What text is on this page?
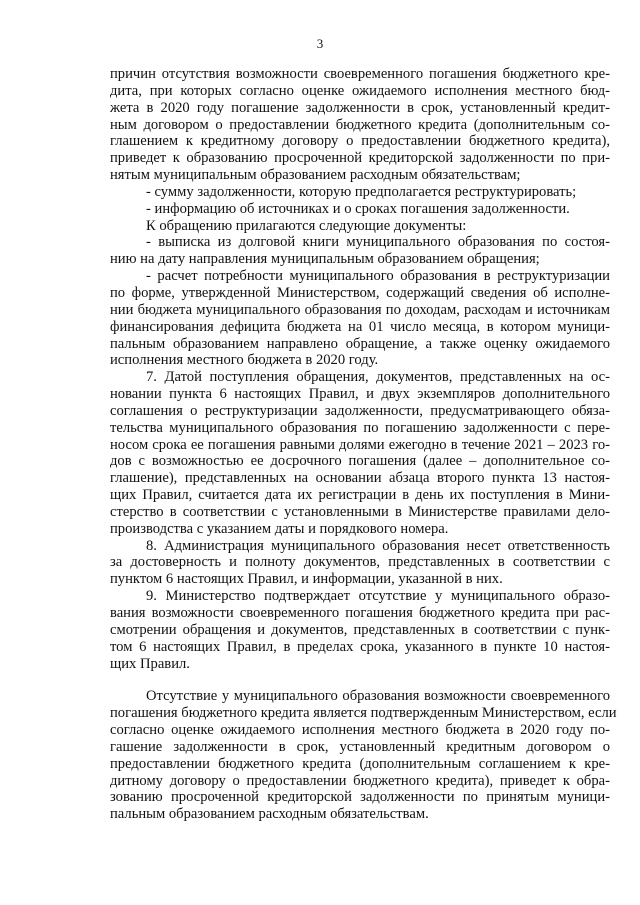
3
причин отсутствия возможности своевременного погашения бюджетного кре-
дита, при которых согласно оценке ожидаемого исполнения местного бюд-
жета в 2020 году погашение задолженности в срок, установленный кредит-
ным договором о предоставлении бюджетного кредита (дополнительным со-
глашением к кредитному договору о предоставлении бюджетного кредита),
приведет к образованию просроченной кредиторской задолженности по при-
нятым муниципальным образованием расходным обязательствам;
- сумму задолженности, которую предполагается реструктурировать;
- информацию об источниках и о сроках погашения задолженности.
К обращению прилагаются следующие документы:
- выписка из долговой книги муниципального образования по состоя-
нию на дату направления муниципальным образованием обращения;
- расчет потребности муниципального образования в реструктуризации
по форме, утвержденной Министерством, содержащий сведения об исполне-
нии бюджета муниципального образования по доходам, расходам и источникам
финансирования дефицита бюджета на 01 число месяца, в котором муници-
пальным образованием направлено обращение, а также оценку ожидаемого
исполнения местного бюджета в 2020 году.
7. Датой поступления обращения, документов, представленных на ос-
новании пункта 6 настоящих Правил, и двух экземпляров дополнительного
соглашения о реструктуризации задолженности, предусматривающего обяза-
тельства муниципального образования по погашению задолженности с пере-
носом срока ее погашения равными долями ежегодно в течение 2021 – 2023 го-
дов с возможностью ее досрочного погашения (далее – дополнительное со-
глашение), представленных на основании абзаца второго пункта 13 настоя-
щих Правил, считается дата их регистрации в день их поступления в Мини-
стерство в соответствии с установленными в Министерстве правилами дело-
производства с указанием даты и порядкового номера.
8. Администрация муниципального образования несет ответственность
за достоверность и полноту документов, представленных в соответствии с
пунктом 6 настоящих Правил, и информации, указанной в них.
9. Министерство подтверждает отсутствие у муниципального образо-
вания возможности своевременного погашения бюджетного кредита при рас-
смотрении обращения и документов, представленных в соответствии с пунк-
том 6 настоящих Правил, в пределах срока, указанного в пункте 10 настоя-
щих Правил.
Отсутствие у муниципального образования возможности своевременного
погашения бюджетного кредита является подтвержденным Министерством, если
согласно оценке ожидаемого исполнения местного бюджета в 2020 году по-
гашение задолженности в срок, установленный кредитным договором о
предоставлении бюджетного кредита (дополнительным соглашением к кре-
дитному договору о предоставлении бюджетного кредита), приведет к обра-
зованию просроченной кредиторской задолженности по принятым муници-
пальным образованием расходным обязательствам.
